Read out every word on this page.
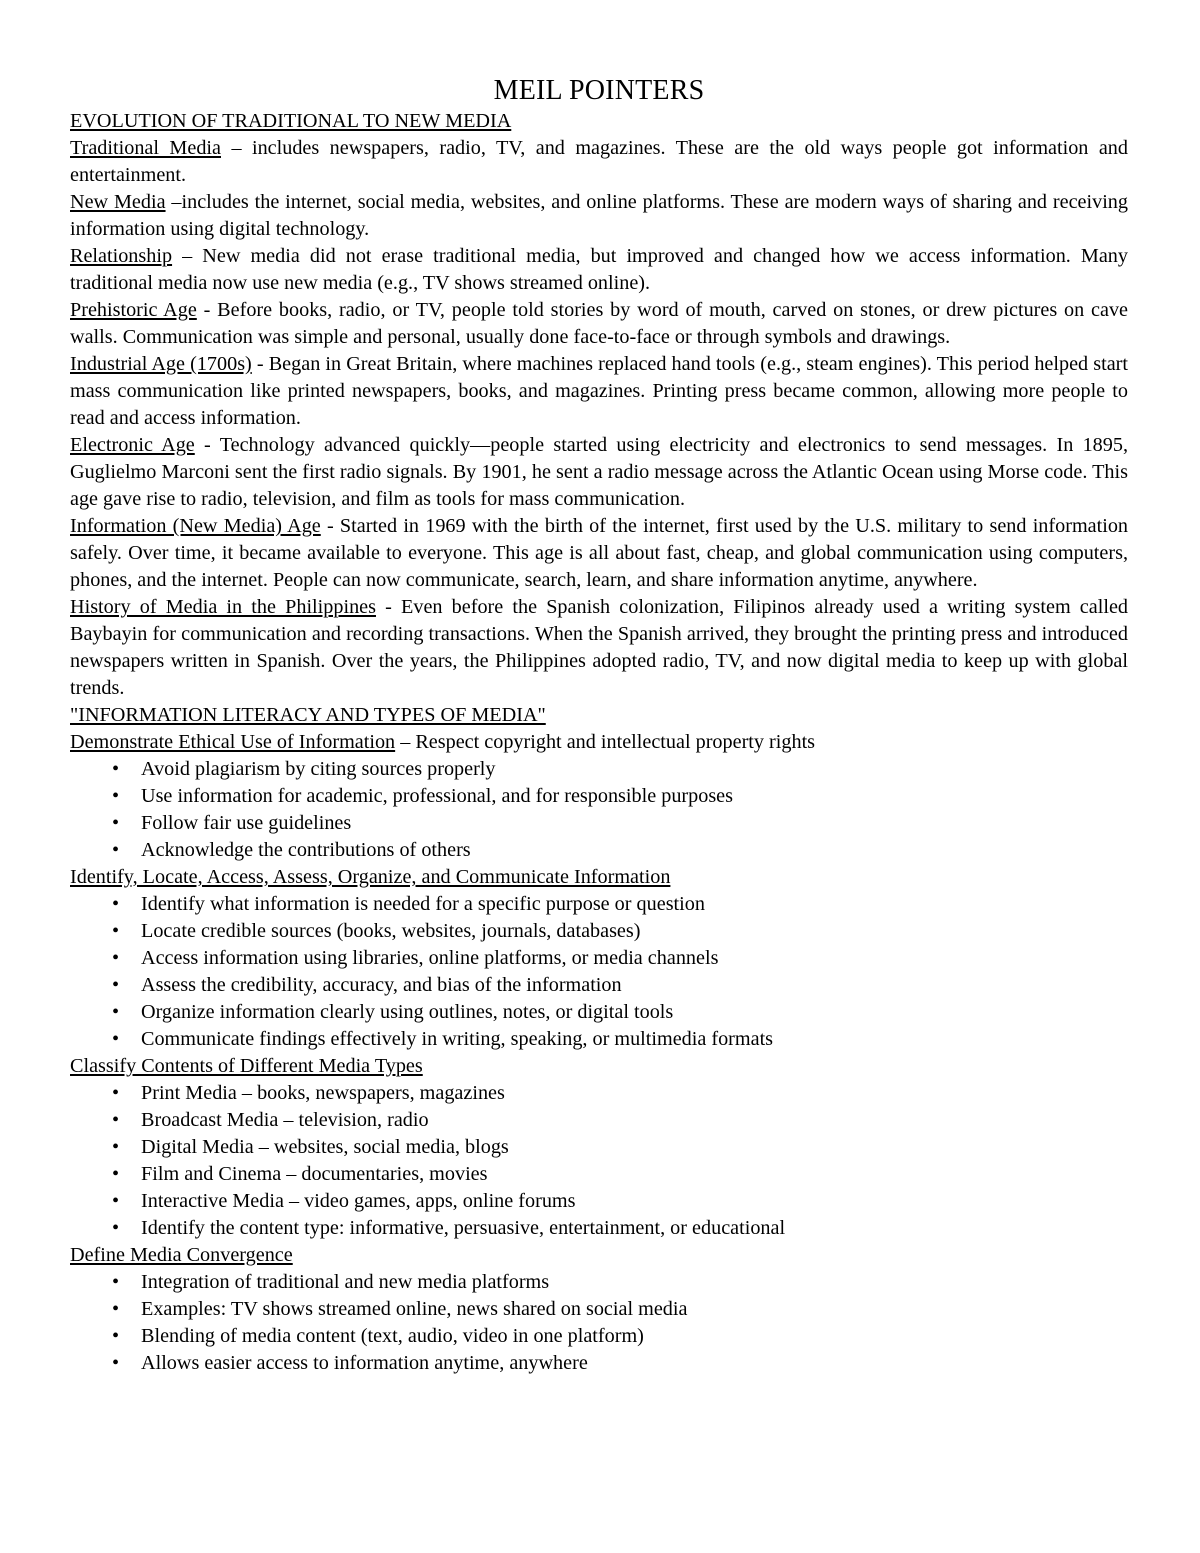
MEIL POINTERS
EVOLUTION OF TRADITIONAL TO NEW MEDIA

Traditional Media – includes newspapers, radio, TV, and magazines. These are the old ways people got information and entertainment.

New Media –includes the internet, social media, websites, and online platforms. These are modern ways of sharing and receiving information using digital technology.

Relationship – New media did not erase traditional media, but improved and changed how we access information. Many traditional media now use new media (e.g., TV shows streamed online).

Prehistoric Age - Before books, radio, or TV, people told stories by word of mouth, carved on stones, or drew pictures on cave walls. Communication was simple and personal, usually done face-to-face or through symbols and drawings.

Industrial Age (1700s) - Began in Great Britain, where machines replaced hand tools (e.g., steam engines). This period helped start mass communication like printed newspapers, books, and magazines. Printing press became common, allowing more people to read and access information.

Electronic Age - Technology advanced quickly—people started using electricity and electronics to send messages. In 1895, Guglielmo Marconi sent the first radio signals. By 1901, he sent a radio message across the Atlantic Ocean using Morse code. This age gave rise to radio, television, and film as tools for mass communication.

Information (New Media) Age - Started in 1969 with the birth of the internet, first used by the U.S. military to send information safely. Over time, it became available to everyone. This age is all about fast, cheap, and global communication using computers, phones, and the internet. People can now communicate, search, learn, and share information anytime, anywhere.

History of Media in the Philippines - Even before the Spanish colonization, Filipinos already used a writing system called Baybayin for communication and recording transactions. When the Spanish arrived, they brought the printing press and introduced newspapers written in Spanish. Over the years, the Philippines adopted radio, TV, and now digital media to keep up with global trends.

"INFORMATION LITERACY AND TYPES OF MEDIA"

Demonstrate Ethical Use of Information – Respect copyright and intellectual property rights

• Avoid plagiarism by citing sources properly
• Use information for academic, professional, and for responsible purposes
• Follow fair use guidelines
• Acknowledge the contributions of others
Identify, Locate, Access, Assess, Organize, and Communicate Information
• Identify what information is needed for a specific purpose or question
• Locate credible sources (books, websites, journals, databases)
• Access information using libraries, online platforms, or media channels
• Assess the credibility, accuracy, and bias of the information
• Organize information clearly using outlines, notes, or digital tools
• Communicate findings effectively in writing, speaking, or multimedia formats
Classify Contents of Different Media Types
• Print Media – books, newspapers, magazines
• Broadcast Media – television, radio
• Digital Media – websites, social media, blogs
• Film and Cinema – documentaries, movies
• Interactive Media – video games, apps, online forums
• Identify the content type: informative, persuasive, entertainment, or educational
Define Media Convergence
• Integration of traditional and new media platforms
• Examples: TV shows streamed online, news shared on social media
• Blending of media content (text, audio, video in one platform)
• Allows easier access to information anytime, anywhere
